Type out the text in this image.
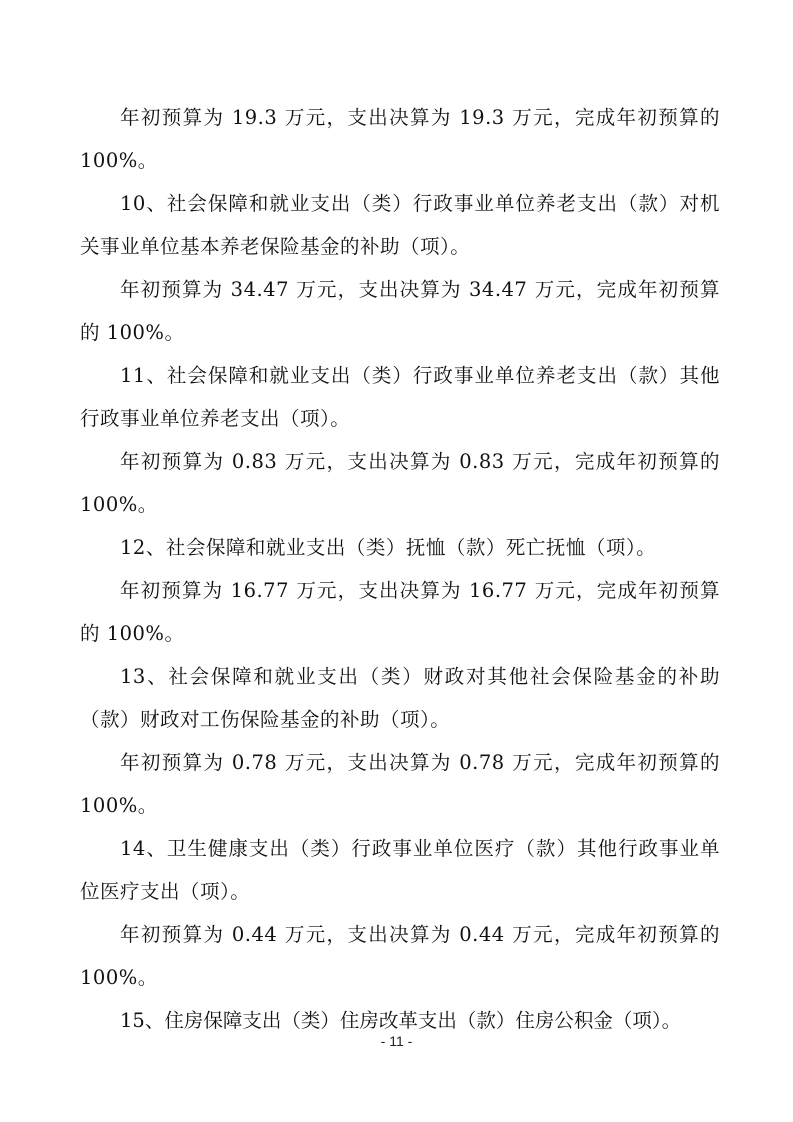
年初预算为 19.3 万元，支出决算为 19.3 万元，完成年初预算的100%。

10、社会保障和就业支出（类）行政事业单位养老支出（款）对机关事业单位基本养老保险基金的补助（项）。

年初预算为 34.47 万元，支出决算为 34.47 万元，完成年初预算的 100%。

11、社会保障和就业支出（类）行政事业单位养老支出（款）其他行政事业单位养老支出（项）。

年初预算为 0.83 万元，支出决算为 0.83 万元，完成年初预算的100%。

12、社会保障和就业支出（类）抚恤（款）死亡抚恤（项）。

年初预算为 16.77 万元，支出决算为 16.77 万元，完成年初预算的 100%。

13、社会保障和就业支出（类）财政对其他社会保险基金的补助（款）财政对工伤保险基金的补助（项）。

年初预算为 0.78 万元，支出决算为 0.78 万元，完成年初预算的100%。

14、卫生健康支出（类）行政事业单位医疗（款）其他行政事业单位医疗支出（项）。

年初预算为 0.44 万元，支出决算为 0.44 万元，完成年初预算的100%。

15、住房保障支出（类）住房改革支出（款）住房公积金（项）。

- 11 -
